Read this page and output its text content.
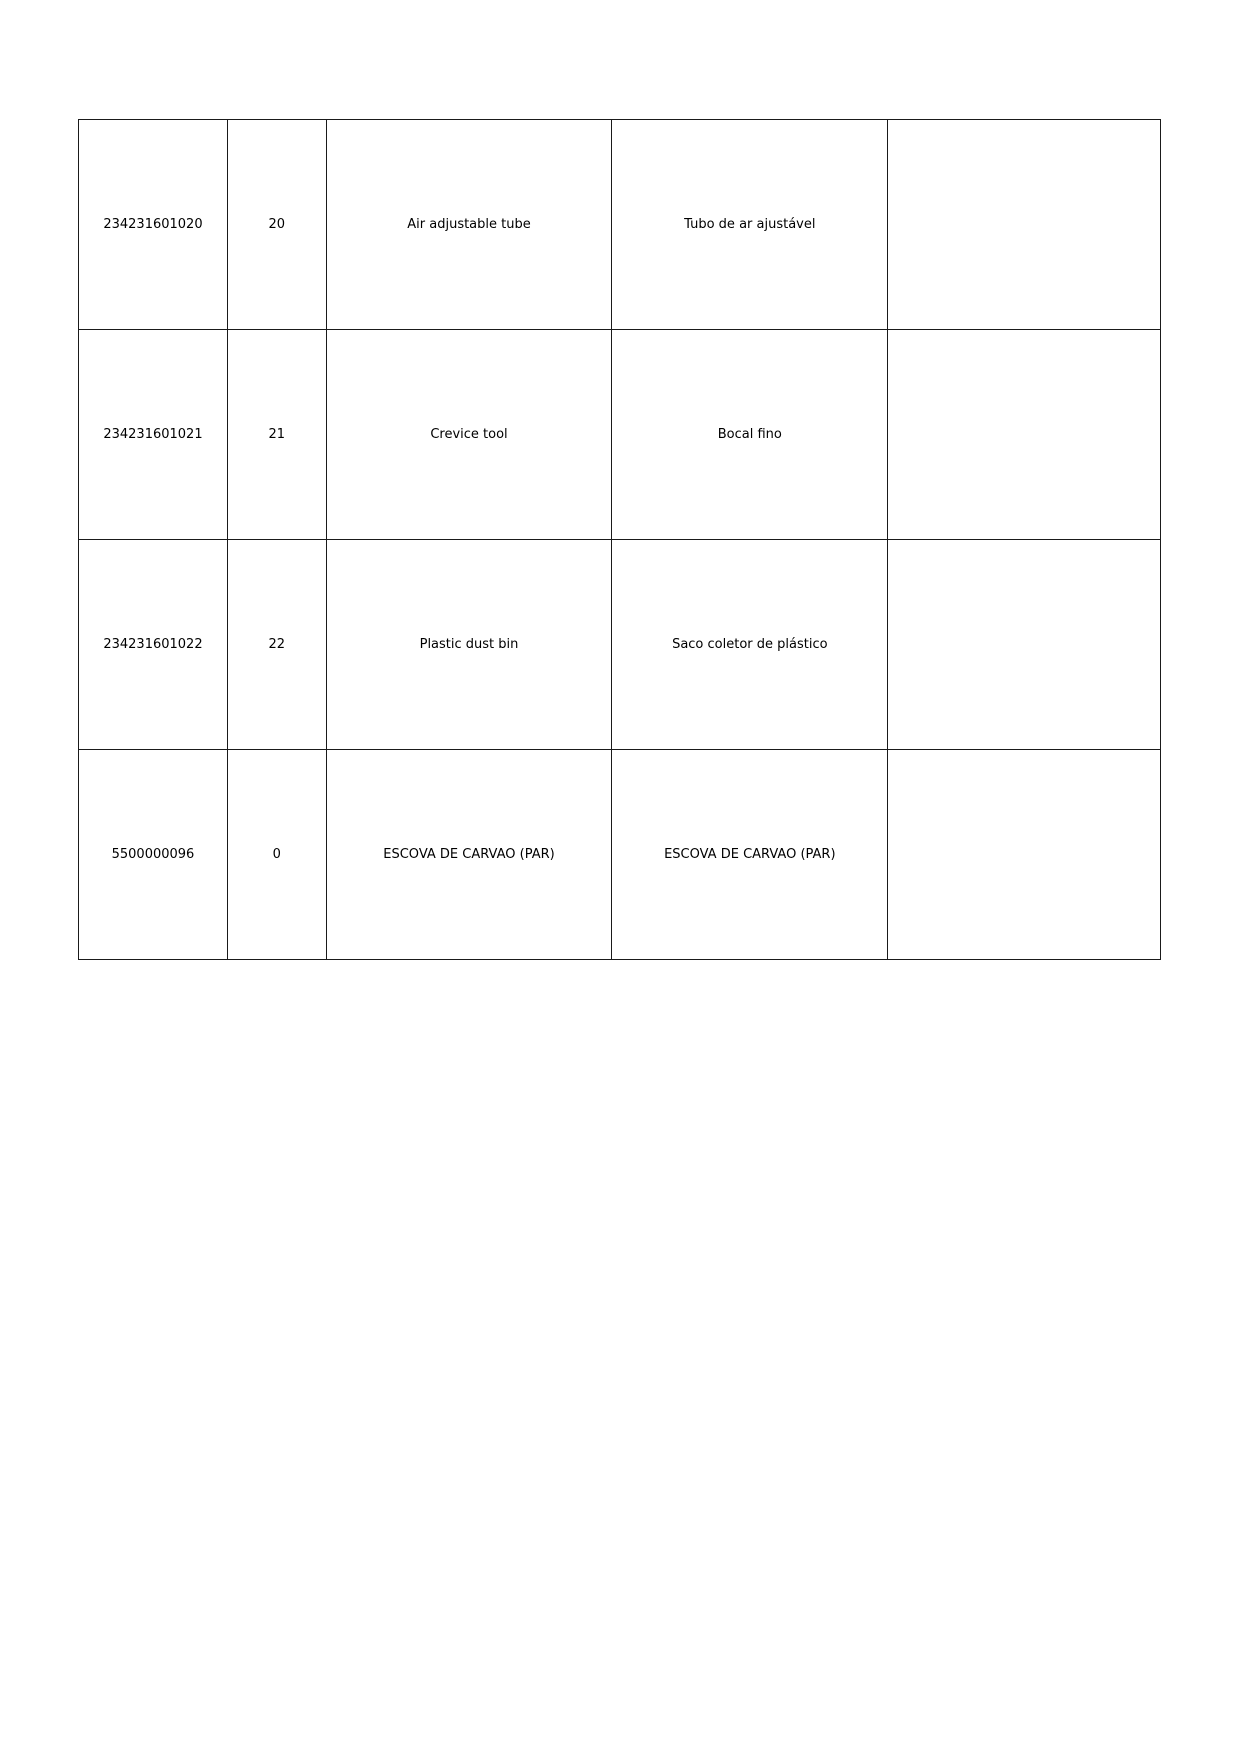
234231601020	20	Air adjustable tube	Tubo de ar ajustável	
234231601021	21	Crevice tool	Bocal fino	
234231601022	22	Plastic dust bin	Saco coletor de plástico	
5500000096	0	ESCOVA DE CARVAO (PAR)	ESCOVA DE CARVAO (PAR)	
